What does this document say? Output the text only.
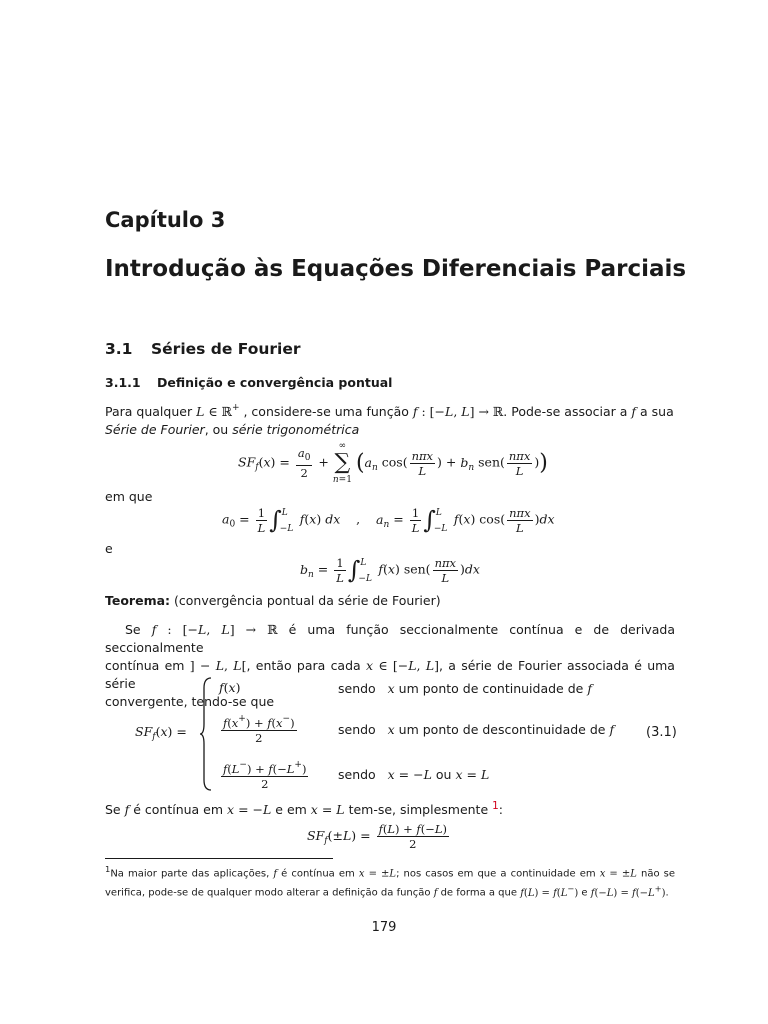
Capítulo 3
Introdução às Equações Diferenciais Parciais
3.1 Séries de Fourier
3.1.1 Definição e convergência pontual
Para qualquer L ∈ ℝ+ , considere-se uma função f : [−L, L] → ℝ. Pode-se associar a f a sua
Série de Fourier, ou série trigonométrica
$SF_f(x) = \frac{a_0}{2}$ +
∞
∑
n=1
($a_n$ $\cos( \frac{\text{nπx}}{L}$ ) + $b_n$ $sen( \frac{\text{nπx}}{L}$ ))
em que
$a_0 = \frac{1}{L}$ ∫ L
−L
f(x) dx    ,    $a_n = \frac{1}{L}$ ∫ L
−L
f(x) $\cos( \frac{\text{nπx}}{L} )dx$
e
$b_n = \frac{1}{L}$ ∫ L
−L
f(x) $sen( \frac{\text{nπx}}{L} )dx$
Teorema: (convergência pontual da série de Fourier)
Se f : [−L, L] → ℝ é uma função seccionalmente contínua e de derivada seccionalmente
contínua em ] − L, L[, então para cada x ∈ [−L, L], a série de Fourier associada é uma série
convergente, tendo-se que
$SF_f(x)$ =
f(x)
$\frac{f(x^+) + f(x^-)}{2}$
$\frac{f(L^-) + f(-L^+)}{2}$
sendo x um ponto de continuidade de f
sendo x um ponto de descontinuidade de f
sendo x = −L ou x = L
(3.1)
Se f é contínua em x = −L e em x = L tem-se, simplesmente $^1$:
$SF_f(\pm L) = \frac{f(L) + f(-L)}{2}$
$^1$Na maior parte das aplicações, f é contínua em x = ±L; nos casos em que a continuidade em x = ±L não se verifica, pode-se de qualquer modo alterar a definição da função f de forma a que f(L) = f(L−) e f(−L) = f(−L+).
179
